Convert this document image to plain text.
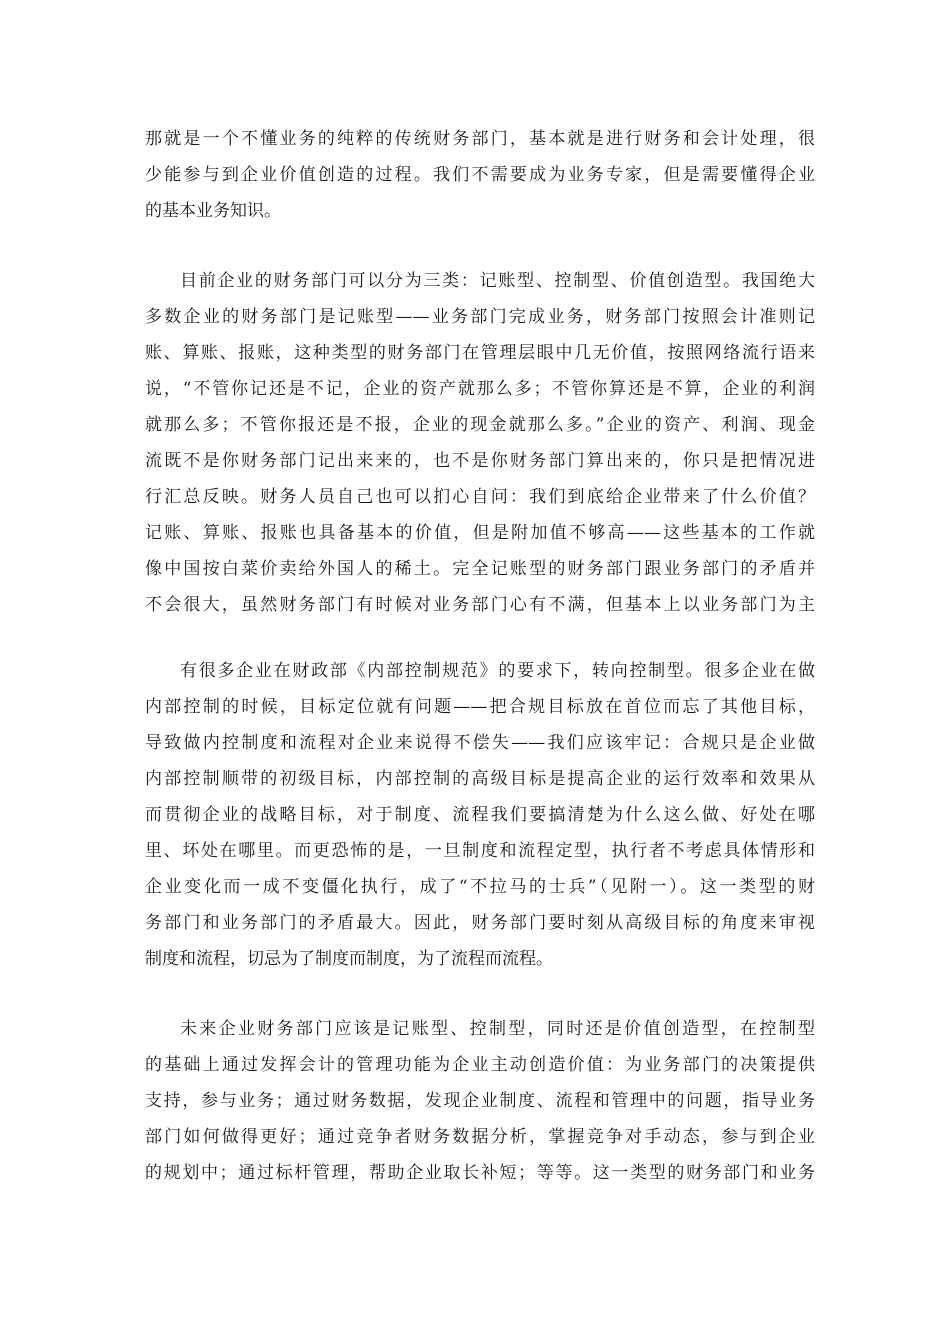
那就是一个不懂业务的纯粹的传统财务部门，基本就是进行财务和会计处理，很

少能参与到企业价值创造的过程。我们不需要成为业务专家，但是需要懂得企业

的基本业务知识。

目前企业的财务部门可以分为三类：记账型、控制型、价值创造型。我国绝大

多数企业的财务部门是记账型——业务部门完成业务，财务部门按照会计准则记

账、算账、报账，这种类型的财务部门在管理层眼中几无价值，按照网络流行语来

说，“不管你记还是不记，企业的资产就那么多；不管你算还是不算，企业的利润

就那么多；不管你报还是不报，企业的现金就那么多。”企业的资产、利润、现金

流既不是你财务部门记出来来的，也不是你财务部门算出来的，你只是把情况进

行汇总反映。财务人员自己也可以扪心自问：我们到底给企业带来了什么价值？

记账、算账、报账也具备基本的价值，但是附加值不够高——这些基本的工作就

像中国按白菜价卖给外国人的稀土。完全记账型的财务部门跟业务部门的矛盾并

不会很大，虽然财务部门有时候对业务部门心有不满，但基本上以业务部门为主

有很多企业在财政部《内部控制规范》的要求下，转向控制型。很多企业在做

内部控制的时候，目标定位就有问题——把合规目标放在首位而忘了其他目标，

导致做内控制度和流程对企业来说得不偿失——我们应该牢记：合规只是企业做

内部控制顺带的初级目标，内部控制的高级目标是提高企业的运行效率和效果从

而贯彻企业的战略目标，对于制度、流程我们要搞清楚为什么这么做、好处在哪

里、坏处在哪里。而更恐怖的是，一旦制度和流程定型，执行者不考虑具体情形和

企业变化而一成不变僵化执行，成了“不拉马的士兵”（见附一）。这一类型的财

务部门和业务部门的矛盾最大。因此，财务部门要时刻从高级目标的角度来审视

制度和流程，切忌为了制度而制度，为了流程而流程。

未来企业财务部门应该是记账型、控制型，同时还是价值创造型，在控制型

的基础上通过发挥会计的管理功能为企业主动创造价值：为业务部门的决策提供

支持，参与业务；通过财务数据，发现企业制度、流程和管理中的问题，指导业务

部门如何做得更好；通过竞争者财务数据分析，掌握竞争对手动态，参与到企业

的规划中；通过标杆管理，帮助企业取长补短；等等。这一类型的财务部门和业务
